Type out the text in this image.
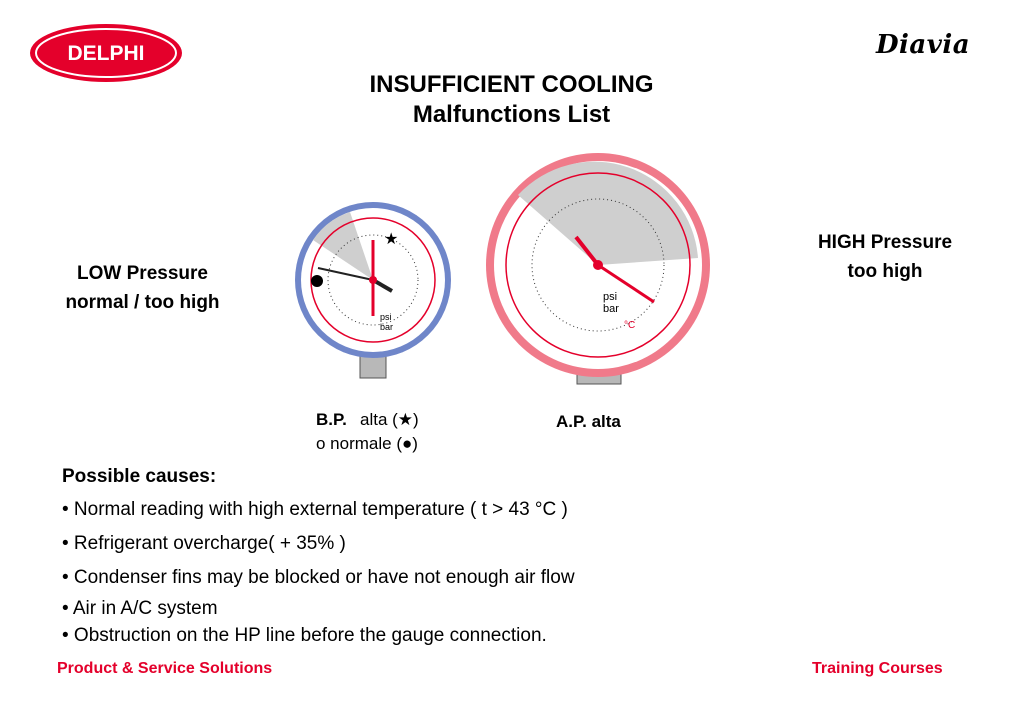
DELPHI	Diavia
INSUFFICIENT COOLING
Malfunctions List
LOW Pressure
normal / too high
HIGH Pressure
too high
★
psi
bar
psi
bar
°C
B.P. alta (★)
o normale (●)
A.P. alta
Possible causes:
• Normal reading with high external temperature ( t > 43 °C )
• Refrigerant overcharge( + 35% )
• Condenser fins may be blocked or have not enough air flow
• Air in A/C system
• Obstruction on the HP line before the gauge connection.
Product & Service Solutions	Training Courses
